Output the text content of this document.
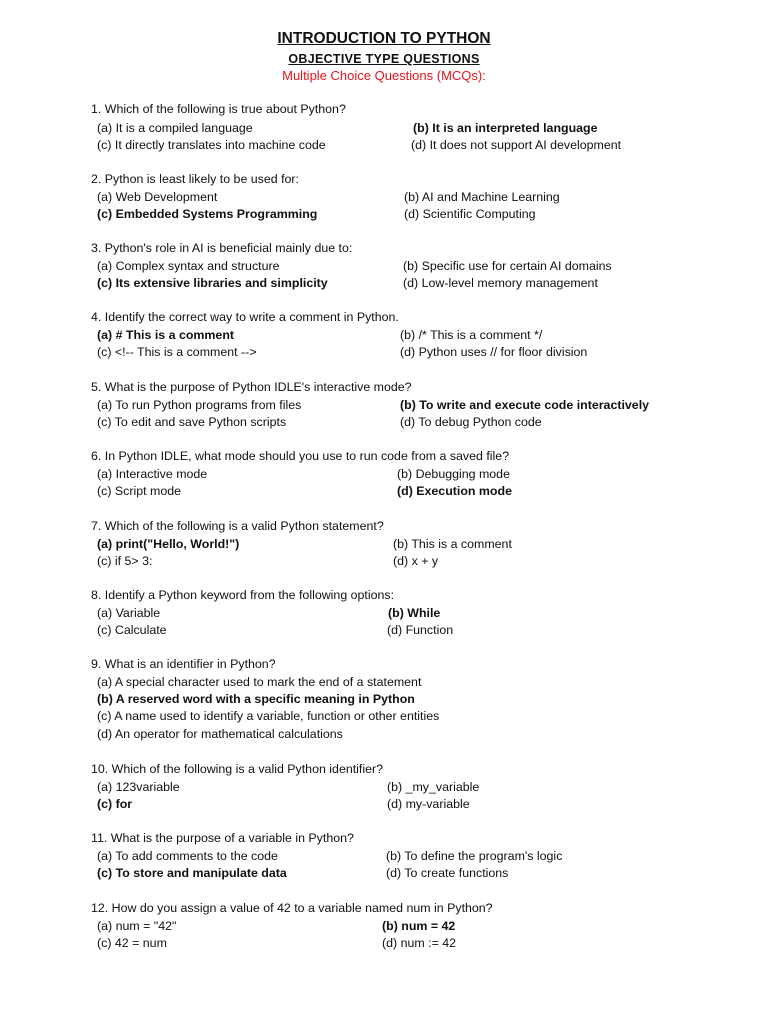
INTRODUCTION TO PYTHON
OBJECTIVE TYPE QUESTIONS
Multiple Choice Questions (MCQs):
1. Which of the following is true about Python?
(a) It is a compiled language	(b) It is an interpreted language
(c) It directly translates into machine code	(d) It does not support AI development
2. Python is least likely to be used for:
(a) Web Development	(b) AI and Machine Learning
(c) Embedded Systems Programming	(d) Scientific Computing
3. Python's role in AI is beneficial mainly due to:
(a) Complex syntax and structure	(b) Specific use for certain AI domains
(c) Its extensive libraries and simplicity	(d) Low-level memory management
4. Identify the correct way to write a comment in Python.
(a) # This is a comment	(b) /* This is a comment */
(c) <!-- This is a comment -->	(d) Python uses // for floor division
5. What is the purpose of Python IDLE's interactive mode?
(a) To run Python programs from files	(b) To write and execute code interactively
(c) To edit and save Python scripts	(d) To debug Python code
6. In Python IDLE, what mode should you use to run code from a saved file?
(a) Interactive mode	(b) Debugging mode
(c) Script mode	(d) Execution mode
7. Which of the following is a valid Python statement?
(a) print("Hello, World!")	(b) This is a comment
(c) if 5> 3:	(d) x + y
8. Identify a Python keyword from the following options:
(a) Variable	(b) While
(c) Calculate	(d) Function
9. What is an identifier in Python?
(a) A special character used to mark the end of a statement
(b) A reserved word with a specific meaning in Python
(c) A name used to identify a variable, function or other entities
(d) An operator for mathematical calculations
10. Which of the following is a valid Python identifier?
(a) 123variable	(b) _my_variable
(c) for	(d) my-variable
11. What is the purpose of a variable in Python?
(a) To add comments to the code	(b) To define the program's logic
(c) To store and manipulate data	(d) To create functions
12. How do you assign a value of 42 to a variable named num in Python?
(a) num = "42"	(b) num = 42
(c) 42 = num	(d) num := 42
